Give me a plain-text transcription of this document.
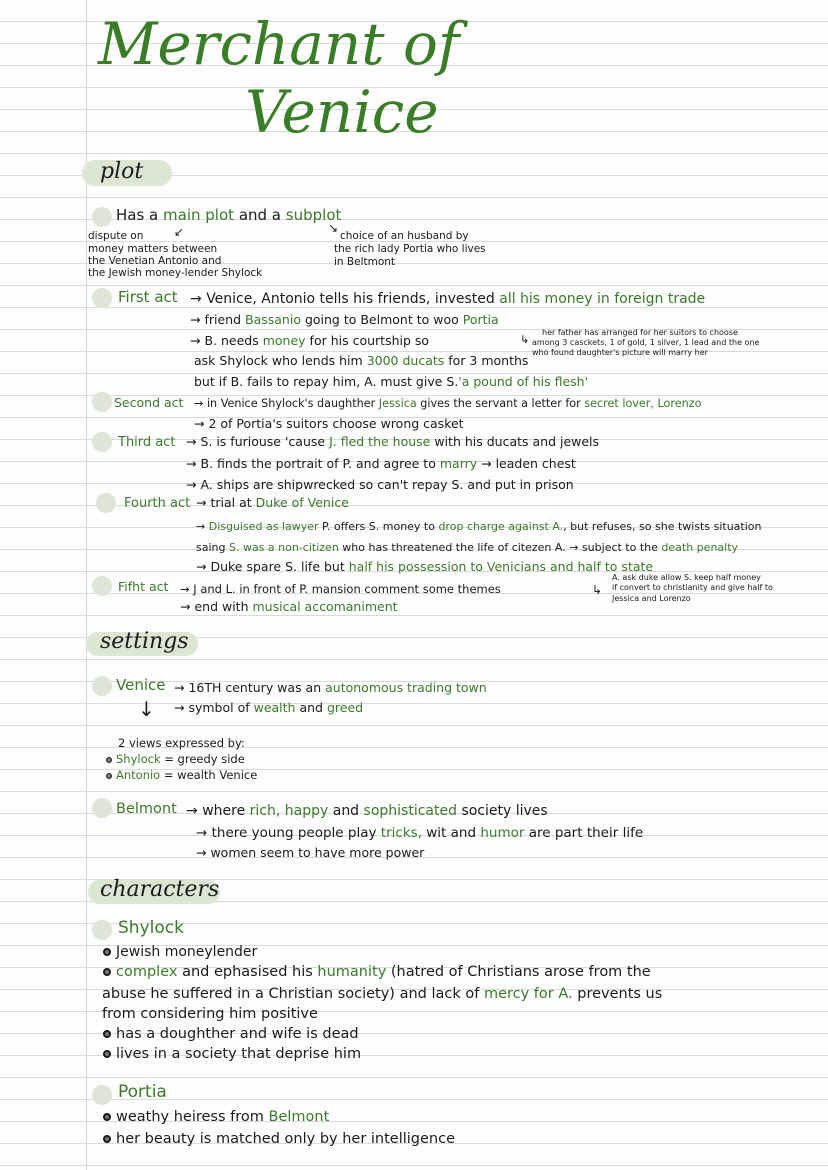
Merchant of
Venice
plot
Has a main plot and a subplot
dispute on	↙
money matters between
the Venetian Antonio and
the Jewish money-lender Shylock
↘
choice of an husband by
the rich lady Portia who lives
in Beltmont
First act → Venice, Antonio tells his friends, invested all his money in foreign trade
→ friend Bassanio going to Belmont to woo Portia
→ B. needs money for his courtship so	↳
her father has arranged for her suitors to choose
among 3 casckets, 1 of gold, 1 silver, 1 lead and the one
who found daughter's picture will marry her
ask Shylock who lends him 3000 ducats for 3 months
but if B. fails to repay him, A. must give S.'a pound of his flesh'
Second act → in Venice Shylock's daughther Jessica gives the servant a letter for secret lover, Lorenzo
→ 2 of Portia's suitors choose wrong casket
Third act → S. is furiouse 'cause J. fled the house with his ducats and jewels
→ B. finds the portrait of P. and agree to marry → leaden chest
→ A. ships are shipwrecked so can't repay S. and put in prison
Fourth act → trial at Duke of Venice
→ Disguised as lawyer P. offers S. money to drop charge against A., but refuses, so she twists situation
saing S. was a non-citizen who has threatened the life of citezen A. → subject to the death penalty
→ Duke spare S. life but half his possession to Venicians and half to state
Fifht act → J and L. in front of P. mansion comment some themes
→ end with musical accomaniment
↳
A. ask duke allow S. keep half money
if convert to christianity and give half to
Jessica and Lorenzo
settings
Venice → 16TH century was an autonomous trading town
→ symbol of wealth and greed
↓
2 views expressed by:
Shylock = greedy side
Antonio = wealth Venice
Belmont → where rich, happy and sophisticated society lives
→ there young people play tricks, wit and humor are part their life
→ women seem to have more power
characters
Shylock
Jewish moneylender
complex and ephasised his humanity (hatred of Christians arose from the
abuse he suffered in a Christian society) and lack of mercy for A. prevents us
from considering him positive
has a doughther and wife is dead
lives in a society that deprise him
Portia
weathy heiress from Belmont
her beauty is matched only by her intelligence
